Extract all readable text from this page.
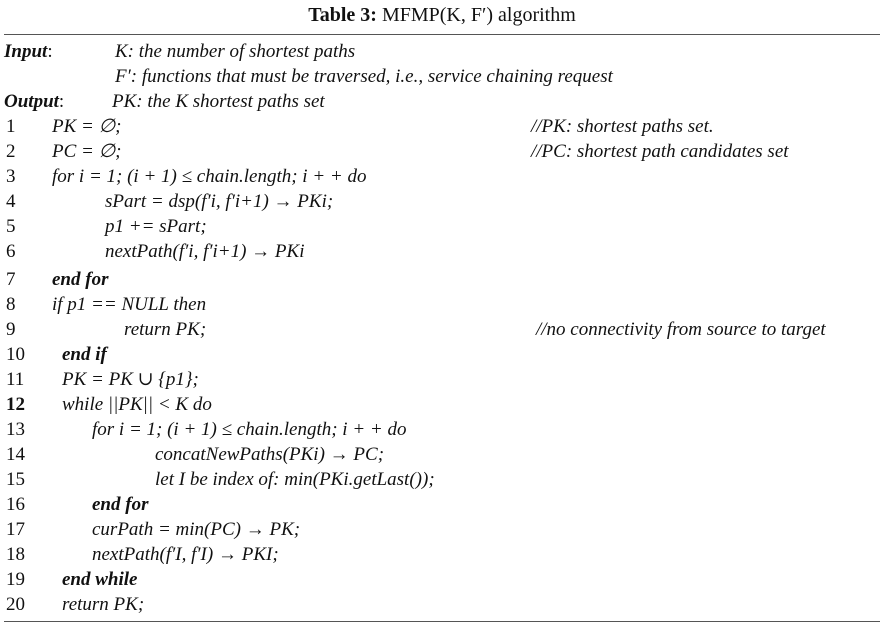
Table 3: MFMP(K, F′) algorithm
Input:	K: the number of shortest paths
F′: functions that must be traversed, i.e., service chaining request
Output:	PK: the K shortest paths set
1 PK = ∅;	//PK: shortest paths set.
2 PC = ∅;	//PC: shortest path candidates set
3 for i = 1; (i + 1) ≤ chain.length; i + + do
4	sPart = dsp(f′i, f′i+1) → PKi;
5	p1 += sPart;
6	nextPath(f′i, f′i+1) → PKi
7 end for
8 if p1 == NULL then
9	return PK;	//no connectivity from source to target
10 end if
11 PK = PK ∪ {p1};
12 while ||PK|| < K do
13	for i = 1; (i + 1) ≤ chain.length; i + + do
14	concatNewPaths(PKi) → PC;
15	let I be index of: min(PKi.getLast());
16	end for
17	curPath = min(PC) → PK;
18	nextPath(f′I, f′I) → PKI;
19 end while
20 return PK;
